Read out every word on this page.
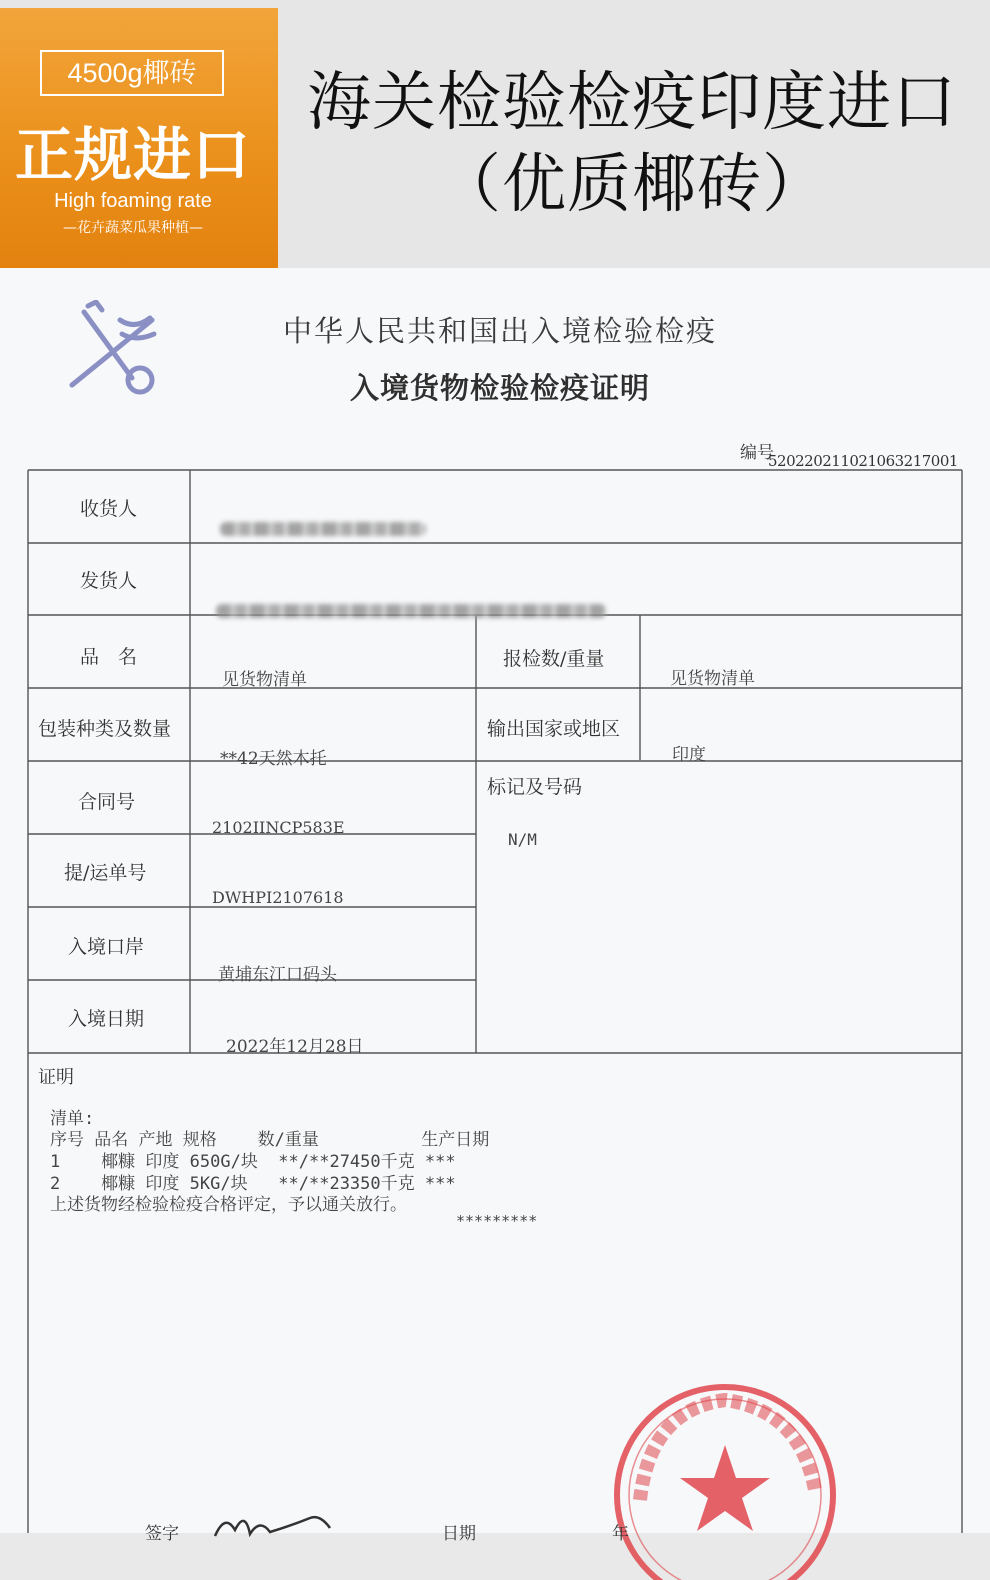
4500g椰砖
正规进口
High foaming rate
—花卉蔬菜瓜果种植—
海关检验检疫印度进口
（优质椰砖）
中华人民共和国出入境检验检疫
入境货物检验检疫证明
编号
520220211021063217001
收货人
发货人
品　名
见货物清单
报检数/重量
见货物清单
包装种类及数量
**42天然木托
输出国家或地区
印度
合同号
2102IINCP583E
标记及号码
N/M
提/运单号
DWHPI2107618
入境口岸
黄埔东江口码头
入境日期
2022年12月28日
证明
清单:
序号 品名 产地 规格    数/重量          生产日期
1    椰糠 印度 650G/块  **/**27450千克 ***
2    椰糠 印度 5KG/块   **/**23350千克 ***
上述货物经检验检疫合格评定，予以通关放行。
*********
签字	日期	年
